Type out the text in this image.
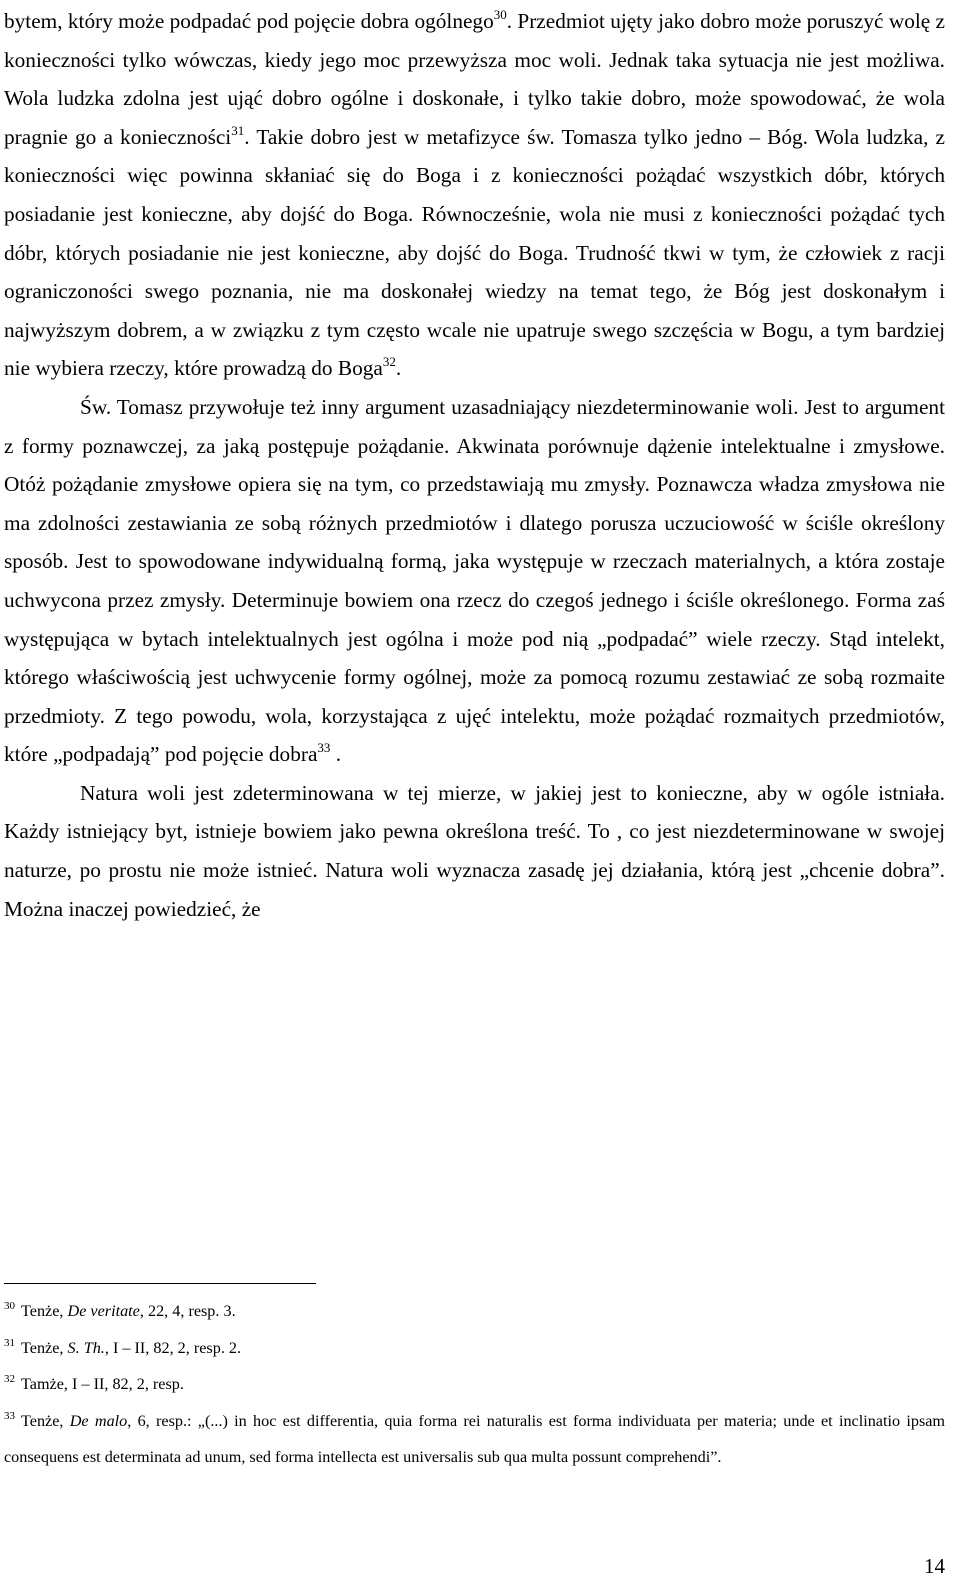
bytem, który może podpadać pod pojęcie dobra ogólnego$^{30}$. Przedmiot ujęty jako dobro może poruszyć wolę z konieczności tylko wówczas, kiedy jego moc przewyższa moc woli. Jednak taka sytuacja nie jest możliwa. Wola ludzka zdolna jest ująć dobro ogólne i doskonałe, i tylko takie dobro, może spowodować, że wola pragnie go a konieczności$^{31}$. Takie dobro jest w metafizyce św. Tomasza tylko jedno – Bóg. Wola ludzka, z konieczności więc powinna skłaniać się do Boga i z konieczności pożądać wszystkich dóbr, których posiadanie jest konieczne, aby dojść do Boga. Równocześnie, wola nie musi z konieczności pożądać tych dóbr, których posiadanie nie jest konieczne, aby dojść do Boga. Trudność tkwi w tym, że człowiek z racji ograniczoności swego poznania, nie ma doskonałej wiedzy na temat tego, że Bóg jest doskonałym i najwyższym dobrem, a w związku z tym często wcale nie upatruje swego szczęścia w Bogu, a tym bardziej nie wybiera rzeczy, które prowadzą do Boga$^{32}$.

Św. Tomasz przywołuje też inny argument uzasadniający niezdeterminowanie woli. Jest to argument z formy poznawczej, za jaką postępuje pożądanie. Akwinata porównuje dążenie intelektualne i zmysłowe. Otóż pożądanie zmysłowe opiera się na tym, co przedstawiają mu zmysły. Poznawcza władza zmysłowa nie ma zdolności zestawiania ze sobą różnych przedmiotów i dlatego porusza uczuciowość w ściśle określony sposób. Jest to spowodowane indywidualną formą, jaka występuje w rzeczach materialnych, a która zostaje uchwycona przez zmysły. Determinuje bowiem ona rzecz do czegoś jednego i ściśle określonego. Forma zaś występująca w bytach intelektualnych jest ogólna i może pod nią „podpadać” wiele rzeczy. Stąd intelekt, którego właściwością jest uchwycenie formy ogólnej, może za pomocą rozumu zestawiać ze sobą rozmaite przedmioty. Z tego powodu, wola, korzystająca z ujęć intelektu, może pożądać rozmaitych przedmiotów, które „podpadają” pod pojęcie dobra$^{33}$ .

Natura woli jest zdeterminowana w tej mierze, w jakiej jest to konieczne, aby w ogóle istniała. Każdy istniejący byt, istnieje bowiem jako pewna określona treść. To , co jest niezdeterminowane w swojej naturze, po prostu nie może istnieć. Natura woli wyznacza zasadę jej działania, którą jest „chcenie dobra”. Można inaczej powiedzieć, że

$^{30}$ Tenże, De veritate, 22, 4, resp. 3.

$^{31}$ Tenże, S. Th., I – II, 82, 2, resp. 2.

$^{32}$ Tamże, I – II, 82, 2, resp.

$^{33}$ Tenże, De malo, 6, resp.: „(...) in hoc est differentia, quia forma rei naturalis est forma individuata per materia; unde et inclinatio ipsam consequens est determinata ad unum, sed forma intellecta est universalis sub qua multa possunt comprehendi”.

14
